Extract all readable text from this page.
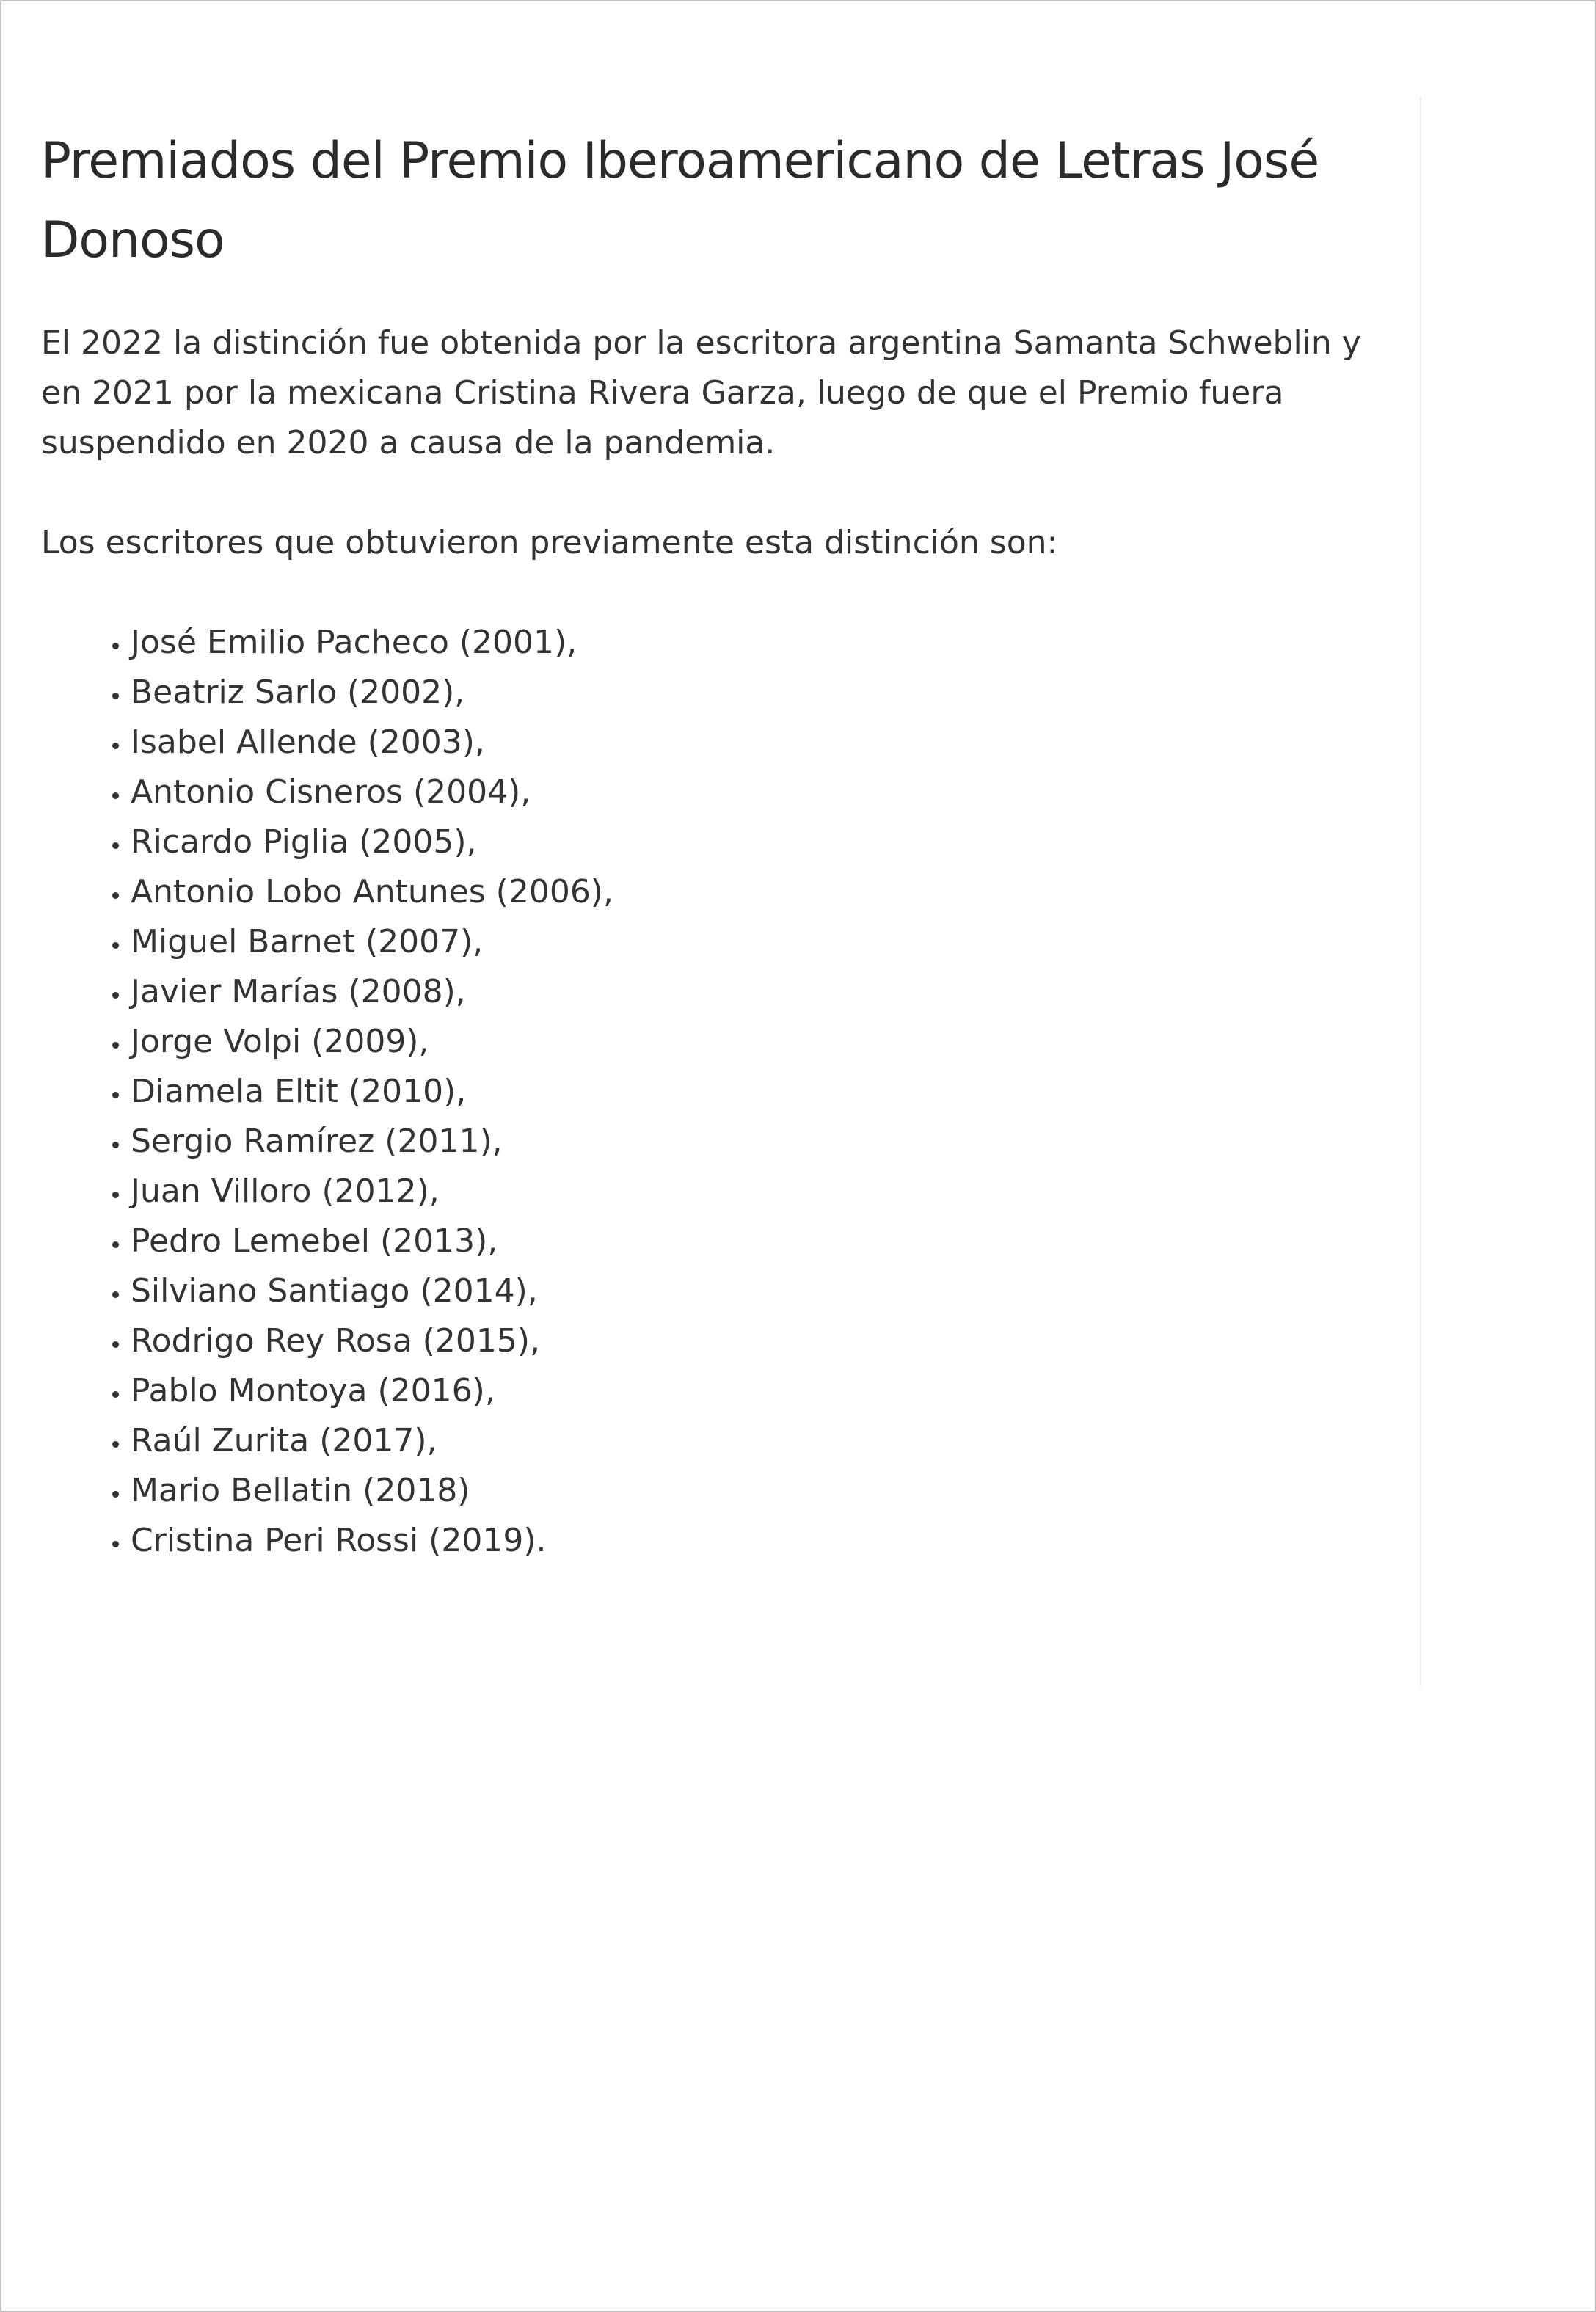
Premiados del Premio Iberoamericano de Letras José Donoso

El 2022 la distinción fue obtenida por la escritora argentina Samanta Schweblin y en 2021 por la mexicana Cristina Rivera Garza, luego de que el Premio fuera suspendido en 2020 a causa de la pandemia.

Los escritores que obtuvieron previamente esta distinción son:

• José Emilio Pacheco (2001),
• Beatriz Sarlo (2002),
• Isabel Allende (2003),
• Antonio Cisneros (2004),
• Ricardo Piglia (2005),
• Antonio Lobo Antunes (2006),
• Miguel Barnet (2007),
• Javier Marías (2008),
• Jorge Volpi (2009),
• Diamela Eltit (2010),
• Sergio Ramírez (2011),
• Juan Villoro (2012),
• Pedro Lemebel (2013),
• Silviano Santiago (2014),
• Rodrigo Rey Rosa (2015),
• Pablo Montoya (2016),
• Raúl Zurita (2017),
• Mario Bellatin (2018)
• Cristina Peri Rossi (2019).
